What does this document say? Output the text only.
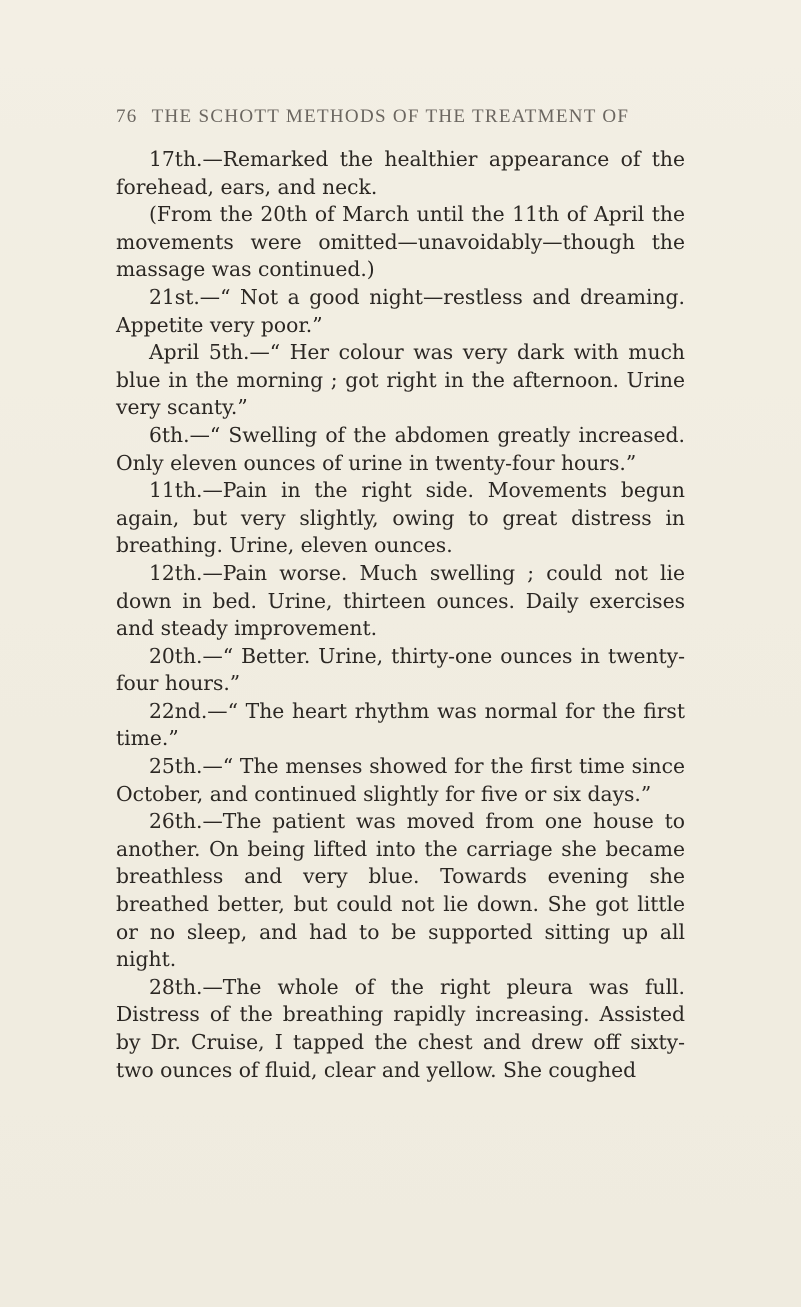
76 THE SCHOTT METHODS OF THE TREATMENT OF

17th.—Remarked the healthier appearance of the forehead, ears, and neck.

(From the 20th of March until the 11th of April the movements were omitted—unavoidably—though the massage was continued.)

21st.—“ Not a good night—restless and dreaming. Appetite very poor.”

April 5th.—“ Her colour was very dark with much blue in the morning ; got right in the afternoon. Urine very scanty.”

6th.—“ Swelling of the abdomen greatly increased. Only eleven ounces of urine in twenty-four hours.”

11th.—Pain in the right side. Movements begun again, but very slightly, owing to great distress in breathing. Urine, eleven ounces.

12th.—Pain worse. Much swelling ; could not lie down in bed. Urine, thirteen ounces. Daily exercises and steady improvement.

20th.—“ Better. Urine, thirty-one ounces in twenty-four hours.”

22nd.—“ The heart rhythm was normal for the first time.”

25th.—“ The menses showed for the first time since October, and continued slightly for five or six days.”

26th.—The patient was moved from one house to another. On being lifted into the carriage she became breathless and very blue. Towards evening she breathed better, but could not lie down. She got little or no sleep, and had to be supported sitting up all night.

28th.—The whole of the right pleura was full. Distress of the breathing rapidly increasing. Assisted by Dr. Cruise, I tapped the chest and drew off sixty-two ounces of fluid, clear and yellow. She coughed
